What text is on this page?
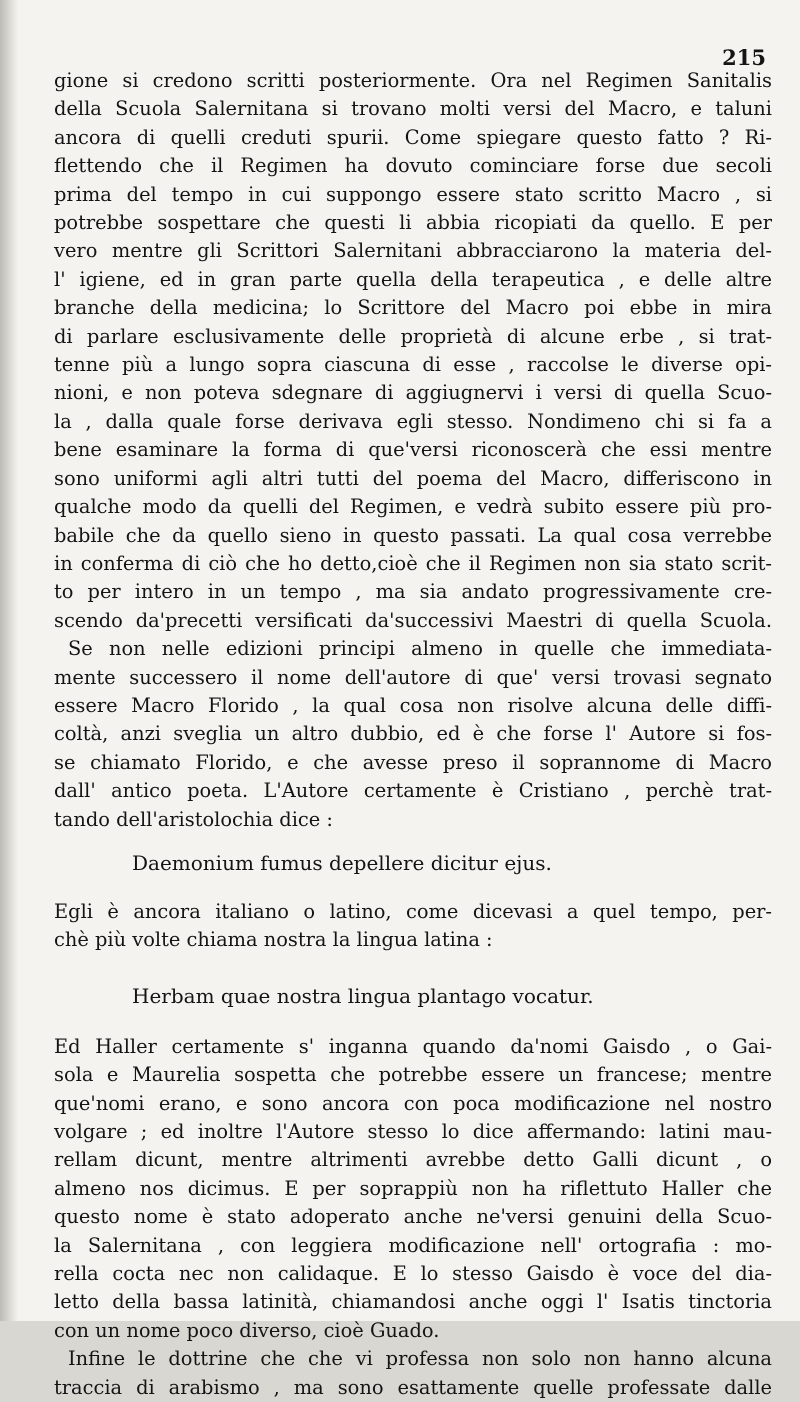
215
gione si credono scritti posteriormente. Ora nel Regimen Sanitalis
della Scuola Salernitana si trovano molti versi del Macro, e taluni
ancora di quelli creduti spurii. Come spiegare questo fatto ? Ri-
flettendo che il Regimen ha dovuto cominciare forse due secoli
prima del tempo in cui suppongo essere stato scritto Macro , si
potrebbe sospettare che questi li abbia ricopiati da quello. E per
vero mentre gli Scrittori Salernitani abbracciarono la materia del-
l' igiene, ed in gran parte quella della terapeutica , e delle altre
branche della medicina; lo Scrittore del Macro poi ebbe in mira
di parlare esclusivamente delle proprietà di alcune erbe , si trat-
tenne più a lungo sopra ciascuna di esse , raccolse le diverse opi-
nioni, e non poteva sdegnare di aggiugnervi i versi di quella Scuo-
la , dalla quale forse derivava egli stesso. Nondimeno chi si fa a
bene esaminare la forma di que'versi riconoscerà che essi mentre
sono uniformi agli altri tutti del poema del Macro, differiscono in
qualche modo da quelli del Regimen, e vedrà subito essere più pro-
babile che da quello sieno in questo passati. La qual cosa verrebbe
in conferma di ciò che ho detto,cioè che il Regimen non sia stato scrit-
to per intero in un tempo , ma sia andato progressivamente cre-
scendo da'precetti versificati da'successivi Maestri di quella Scuola.
Se non nelle edizioni principi almeno in quelle che immediata-
mente successero il nome dell'autore di que' versi trovasi segnato
essere Macro Florido , la qual cosa non risolve alcuna delle diffi-
coltà, anzi sveglia un altro dubbio, ed è che forse l' Autore si fos-
se chiamato Florido, e che avesse preso il soprannome di Macro
dall' antico poeta. L'Autore certamente è Cristiano , perchè trat-
tando dell'aristolochia dice :
Daemonium fumus depellere dicitur ejus.
Egli è ancora italiano o latino, come dicevasi a quel tempo, per-
chè più volte chiama nostra la lingua latina :
Herbam quae nostra lingua plantago vocatur.
Ed Haller certamente s' inganna quando da'nomi Gaisdo , o Gai-
sola e Maurelia sospetta che potrebbe essere un francese; mentre
que'nomi erano, e sono ancora con poca modificazione nel nostro
volgare ; ed inoltre l'Autore stesso lo dice affermando: latini mau-
rellam dicunt, mentre altrimenti avrebbe detto Galli dicunt , o
almeno nos dicimus. E per soprappiù non ha riflettuto Haller che
questo nome è stato adoperato anche ne'versi genuini della Scuo-
la Salernitana , con leggiera modificazione nell' ortografia : mo-
rella cocta nec non calidaque. E lo stesso Gaisdo è voce del dia-
letto della bassa latinità, chiamandosi anche oggi l' Isatis tinctoria
con un nome poco diverso, cioè Guado.
Infine le dottrine che che vi professa non solo non hanno alcuna
traccia di arabismo , ma sono esattamente quelle professate dalle
